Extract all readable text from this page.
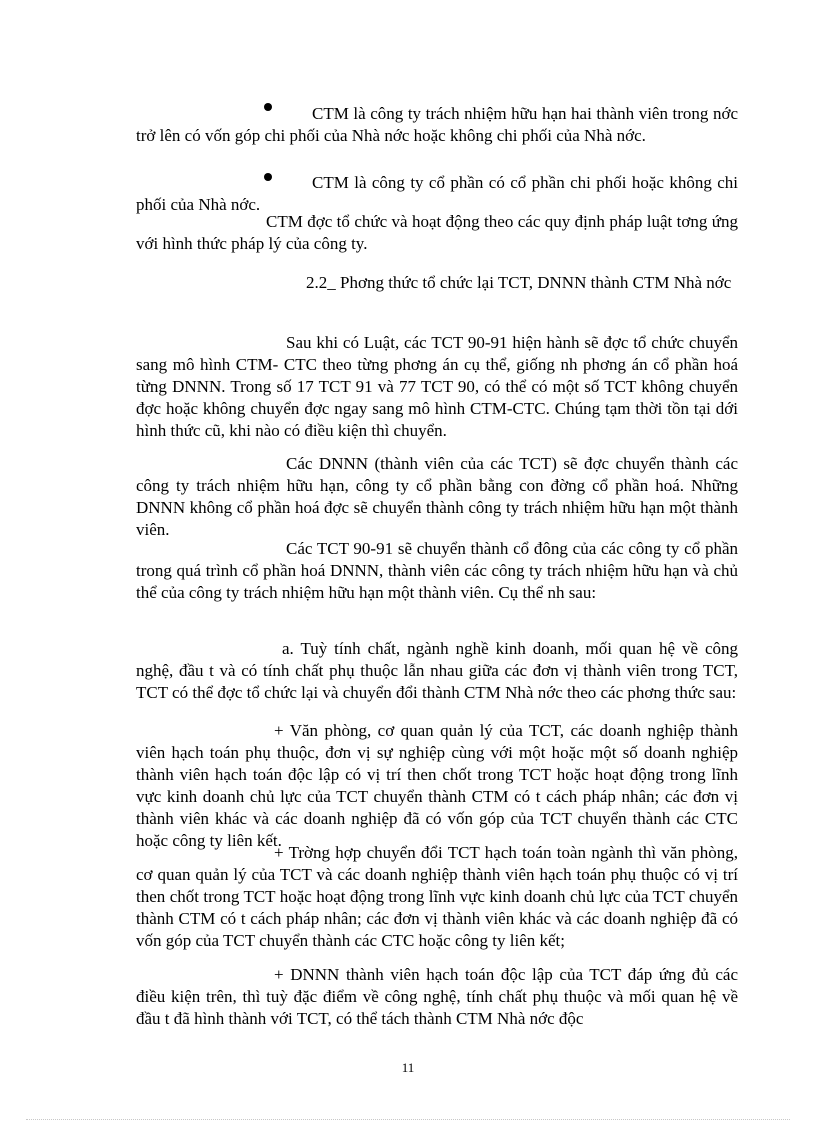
CTM là công ty trách nhiệm hữu hạn hai thành viên trong nớc trở lên có vốn góp chi phối của Nhà nớc hoặc không chi phối của Nhà nớc.

CTM là công ty cổ phần có cổ phần chi phối hoặc không chi phối của Nhà nớc.

CTM đợc tổ chức và hoạt động theo các quy định pháp luật tơng ứng với hình thức pháp lý của công ty.

2.2_ Phơng thức tổ chức lại TCT, DNNN thành CTM Nhà nớc

Sau khi có Luật, các TCT 90-91 hiện hành sẽ đợc tổ chức chuyển sang mô hình CTM- CTC theo từng phơng án cụ thể, giống nh phơng án cổ phần hoá từng DNNN. Trong số 17 TCT 91 và 77 TCT 90, có thể có một số TCT không chuyển đợc hoặc không chuyển đợc ngay sang mô hình CTM-CTC. Chúng tạm thời tồn tại dới hình thức cũ, khi nào có điều kiện thì chuyển.

Các DNNN (thành viên của các TCT) sẽ đợc chuyển thành các công ty trách nhiệm hữu hạn, công ty cổ phần bằng con đờng cổ phần hoá. Những DNNN không cổ phần hoá đợc sẽ chuyển thành công ty trách nhiệm hữu hạn một thành viên.

Các TCT 90-91 sẽ chuyển thành cổ đông của các công ty cổ phần trong quá trình cổ phần hoá DNNN, thành viên các công ty trách nhiệm hữu hạn và chủ thể của công ty trách nhiệm hữu hạn một thành viên. Cụ thể nh sau:

a. Tuỳ tính chất, ngành nghề kinh doanh, mối quan hệ về công nghệ, đầu t và có tính chất phụ thuộc lẫn nhau giữa các đơn vị thành viên trong TCT, TCT có thể đợc tổ chức lại và chuyển đổi thành CTM Nhà nớc theo các phơng thức sau:

+ Văn phòng, cơ quan quản lý của TCT, các doanh nghiệp thành viên hạch toán phụ thuộc, đơn vị sự nghiệp cùng với một hoặc một số doanh nghiệp thành viên hạch toán độc lập có vị trí then chốt trong TCT hoặc hoạt động trong lĩnh vực kinh doanh chủ lực của TCT chuyển thành CTM có t cách pháp nhân; các đơn vị thành viên khác và các doanh nghiệp đã có vốn góp của TCT chuyển thành các CTC hoặc công ty liên kết.

+ Trờng hợp chuyển đổi TCT hạch toán toàn ngành thì văn phòng, cơ quan quản lý của TCT và các doanh nghiệp thành viên hạch toán phụ thuộc có vị trí then chốt trong TCT hoặc hoạt động trong lĩnh vực kinh doanh chủ lực của TCT chuyển thành CTM có t cách pháp nhân; các đơn vị thành viên khác và các doanh nghiệp đã có vốn góp của TCT chuyển thành các CTC hoặc công ty liên kết;

+ DNNN thành viên hạch toán độc lập của TCT đáp ứng đủ các điều kiện trên, thì tuỳ đặc điểm về công nghệ, tính chất phụ thuộc và mối quan hệ về đầu t đã hình thành với TCT, có thể tách thành CTM Nhà nớc độc

11
